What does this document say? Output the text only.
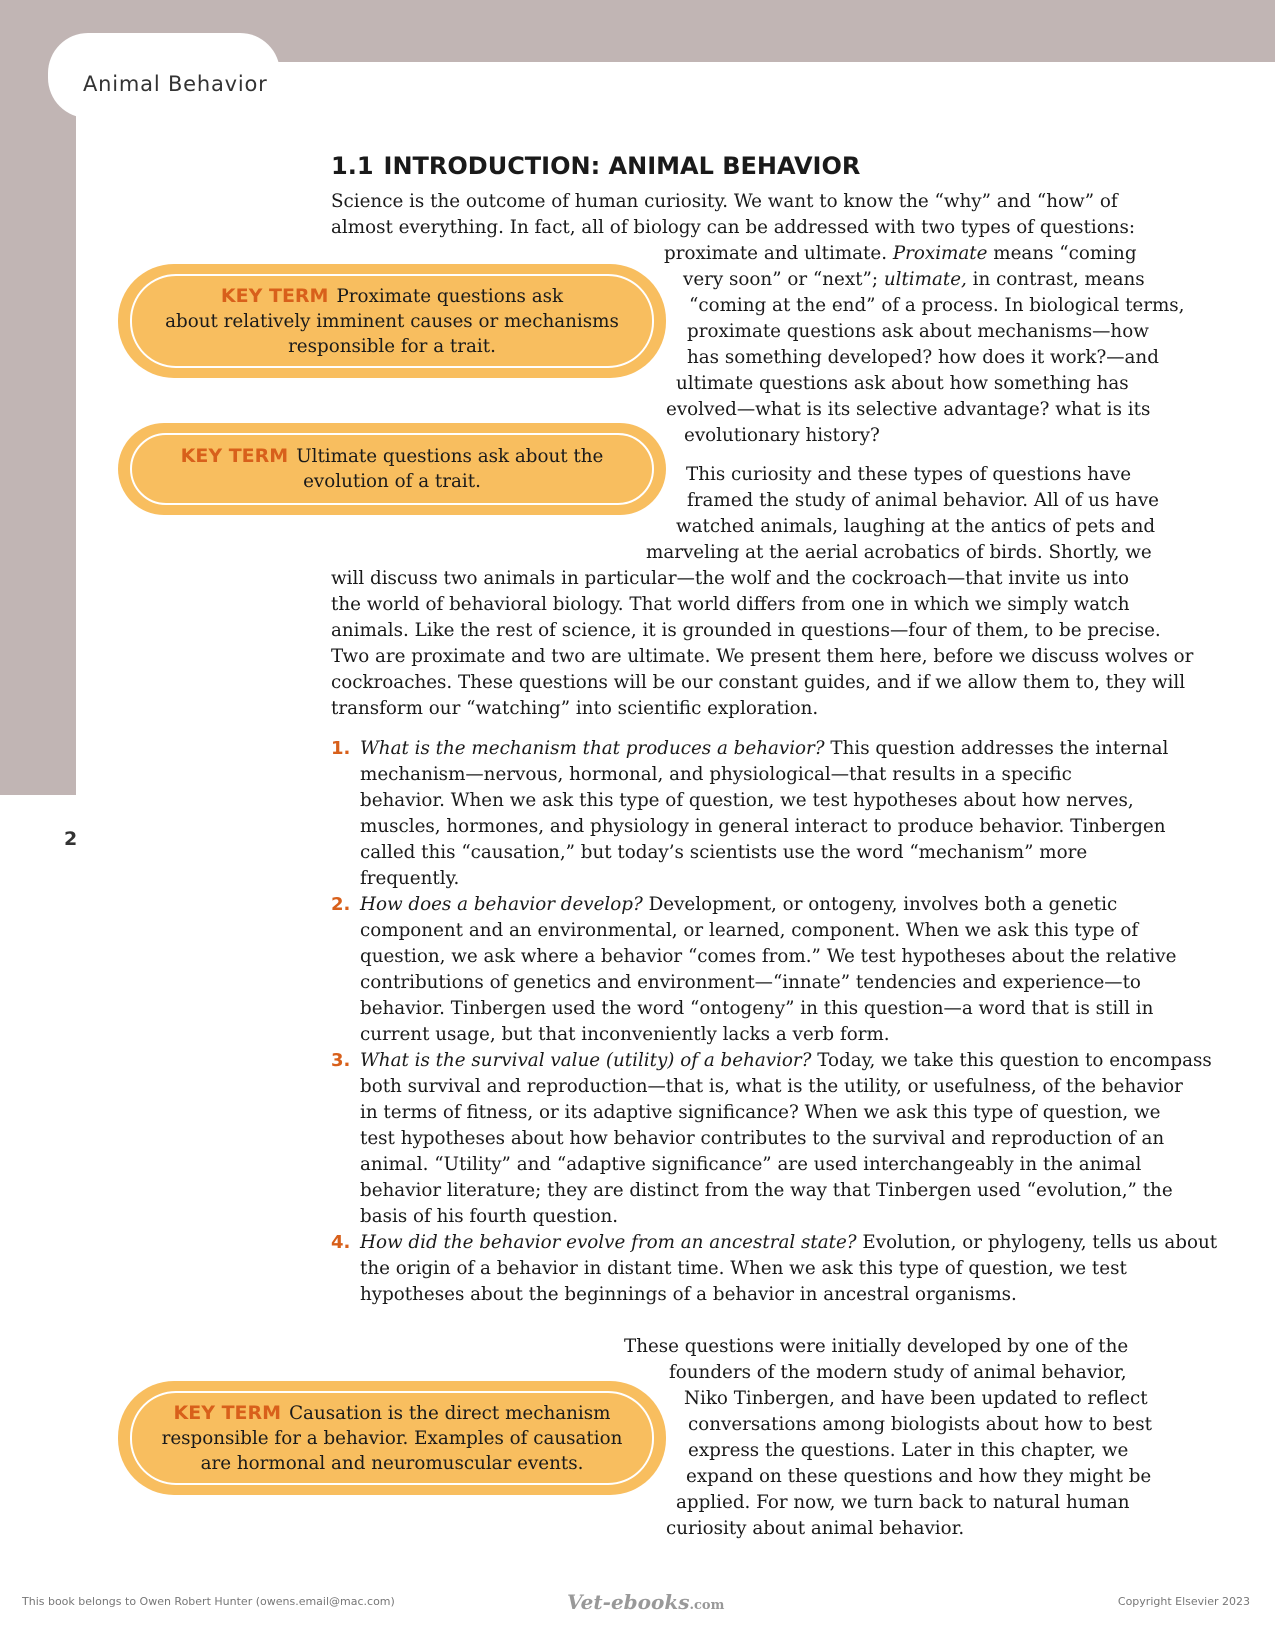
Animal Behavior
2
1.1 INTRODUCTION: ANIMAL BEHAVIOR
Science is the outcome of human curiosity. We want to know the “why” and “how” of
almost everything. In fact, all of biology can be addressed with two types of questions:
proximate and ultimate. Proximate means “coming
very soon” or “next”; ultimate, in contrast, means
“coming at the end” of a process. In biological terms,
proximate questions ask about mechanisms—how
has something developed? how does it work?—and
ultimate questions ask about how something has
evolved—what is its selective advantage? what is its
evolutionary history?
This curiosity and these types of questions have
framed the study of animal behavior. All of us have
watched animals, laughing at the antics of pets and
marveling at the aerial acrobatics of birds. Shortly, we
will discuss two animals in particular—the wolf and the cockroach—that invite us into
the world of behavioral biology. That world differs from one in which we simply watch
animals. Like the rest of science, it is grounded in questions—four of them, to be precise.
Two are proximate and two are ultimate. We present them here, before we discuss wolves or
cockroaches. These questions will be our constant guides, and if we allow them to, they will
transform our “watching” into scientific exploration.
1. What is the mechanism that produces a behavior? This question addresses the internal
mechanism—nervous, hormonal, and physiological—that results in a specific
behavior. When we ask this type of question, we test hypotheses about how nerves,
muscles, hormones, and physiology in general interact to produce behavior. Tinbergen
called this “causation,” but today’s scientists use the word “mechanism” more
frequently.
2. How does a behavior develop? Development, or ontogeny, involves both a genetic
component and an environmental, or learned, component. When we ask this type of
question, we ask where a behavior “comes from.” We test hypotheses about the relative
contributions of genetics and environment—“innate” tendencies and experience—to
behavior. Tinbergen used the word “ontogeny” in this question—a word that is still in
current usage, but that inconveniently lacks a verb form.
3. What is the survival value (utility) of a behavior? Today, we take this question to encompass
both survival and reproduction—that is, what is the utility, or usefulness, of the behavior
in terms of fitness, or its adaptive significance? When we ask this type of question, we
test hypotheses about how behavior contributes to the survival and reproduction of an
animal. “Utility” and “adaptive significance” are used interchangeably in the animal
behavior literature; they are distinct from the way that Tinbergen used “evolution,” the
basis of his fourth question.
4. How did the behavior evolve from an ancestral state? Evolution, or phylogeny, tells us about
the origin of a behavior in distant time. When we ask this type of question, we test
hypotheses about the beginnings of a behavior in ancestral organisms.
These questions were initially developed by one of the
founders of the modern study of animal behavior,
Niko Tinbergen, and have been updated to reflect
conversations among biologists about how to best
express the questions. Later in this chapter, we
expand on these questions and how they might be
applied. For now, we turn back to natural human
curiosity about animal behavior.
KEY TERM Proximate questions ask
about relatively imminent causes or mechanisms responsible for a trait.
KEY TERM Ultimate questions ask about the
evolution of a trait.
KEY TERM Causation is the direct mechanism
responsible for a behavior. Examples of causation are hormonal and neuromuscular events.
This book belongs to Owen Robert Hunter (owens.email@mac.com)	Vet-ebooks.com	Copyright Elsevier 2023
